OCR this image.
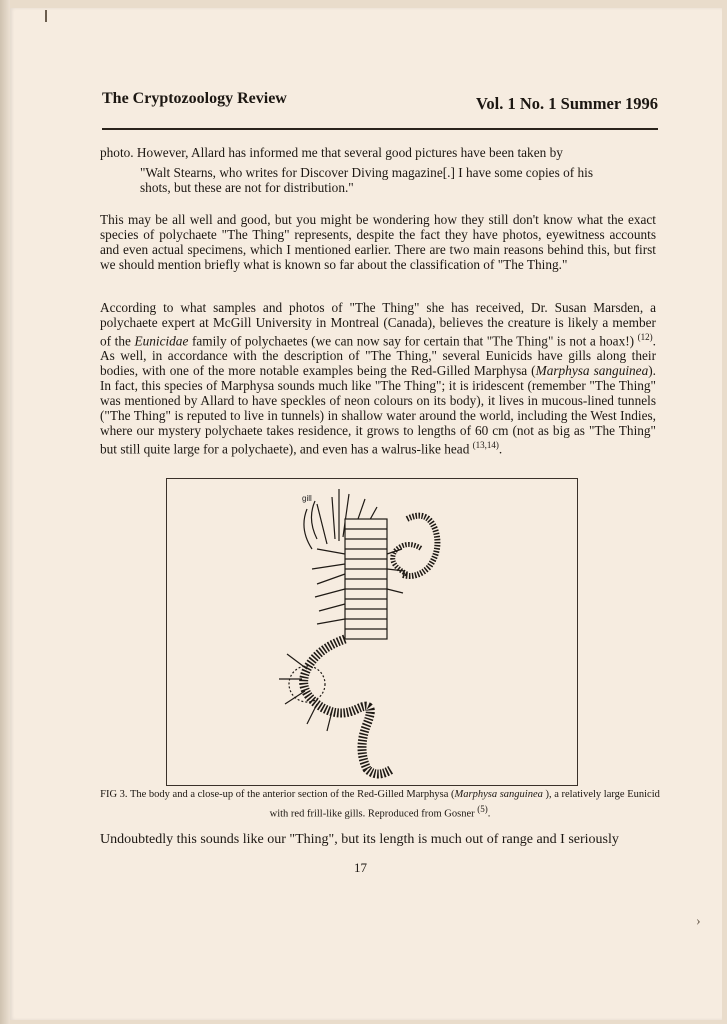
The Cryptozoology Review	Vol. 1 No. 1 Summer 1996

photo. However, Allard has informed me that several good pictures have been taken by

"Walt Stearns, who writes for Discover Diving magazine[.] I have some copies of his shots, but these are not for distribution."

This may be all well and good, but you might be wondering how they still don't know what the exact species of polychaete "The Thing" represents, despite the fact they have photos, eyewitness accounts and even actual specimens, which I mentioned earlier. There are two main reasons behind this, but first we should mention briefly what is known so far about the classification of "The Thing."

According to what samples and photos of "The Thing" she has received, Dr. Susan Marsden, a polychaete expert at McGill University in Montreal (Canada), believes the creature is likely a member of the Eunicidae family of polychaetes (we can now say for certain that "The Thing" is not a hoax!) $^{(12)}$. As well, in accordance with the description of "The Thing," several Eunicids have gills along their bodies, with one of the more notable examples being the Red-Gilled Marphysa (Marphysa sanguinea). In fact, this species of Marphysa sounds much like "The Thing"; it is iridescent (remember "The Thing" was mentioned by Allard to have speckles of neon colours on its body), it lives in mucous-lined tunnels ("The Thing" is reputed to live in tunnels) in shallow water around the world, including the West Indies, where our mystery polychaete takes residence, it grows to lengths of 60 cm (not as big as "The Thing" but still quite large for a polychaete), and even has a walrus-like head $^{(13,14)}$.

gill

FIG 3. The body and a close-up of the anterior section of the Red-Gilled Marphysa (Marphysa sanguinea ), a relatively large Eunicid with red frill-like gills. Reproduced from Gosner $^{(5)}$.

Undoubtedly this sounds like our "Thing", but its length is much out of range and I seriously

17
›
